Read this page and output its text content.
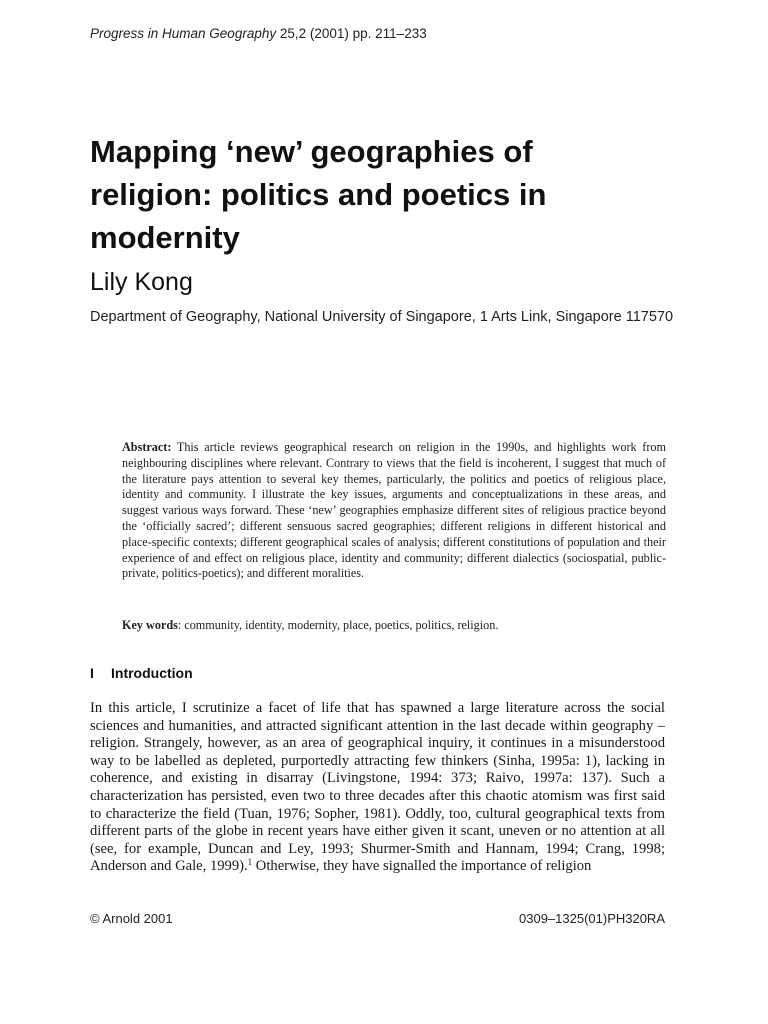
Progress in Human Geography 25,2 (2001) pp. 211–233
Mapping ‘new’ geographies of religion: politics and poetics in modernity
Lily Kong
Department of Geography, National University of Singapore, 1 Arts Link, Singapore 117570
Abstract: This article reviews geographical research on religion in the 1990s, and highlights work from neighbouring disciplines where relevant. Contrary to views that the field is incoherent, I suggest that much of the literature pays attention to several key themes, particularly, the politics and poetics of religious place, identity and community. I illustrate the key issues, arguments and conceptualizations in these areas, and suggest various ways forward. These ‘new’ geographies emphasize different sites of religious practice beyond the ‘officially sacred’; different sensuous sacred geographies; different religions in different historical and place-specific contexts; different geographical scales of analysis; different constitutions of population and their experience of and effect on religious place, identity and community; different dialectics (sociospatial, public-private, politics-poetics); and different moralities.
Key words: community, identity, modernity, place, poetics, politics, religion.
I Introduction
In this article, I scrutinize a facet of life that has spawned a large literature across the social sciences and humanities, and attracted significant attention in the last decade within geography – religion. Strangely, however, as an area of geographical inquiry, it continues in a misunderstood way to be labelled as depleted, purportedly attracting few thinkers (Sinha, 1995a: 1), lacking in coherence, and existing in disarray (Livingstone, 1994: 373; Raivo, 1997a: 137). Such a characterization has persisted, even two to three decades after this chaotic atomism was first said to characterize the field (Tuan, 1976; Sopher, 1981). Oddly, too, cultural geographical texts from different parts of the globe in recent years have either given it scant, uneven or no attention at all (see, for example, Duncan and Ley, 1993; Shurmer-Smith and Hannam, 1994; Crang, 1998; Anderson and Gale, 1999).$^1$ Otherwise, they have signalled the importance of religion
© Arnold 2001	0309–1325(01)PH320RA
